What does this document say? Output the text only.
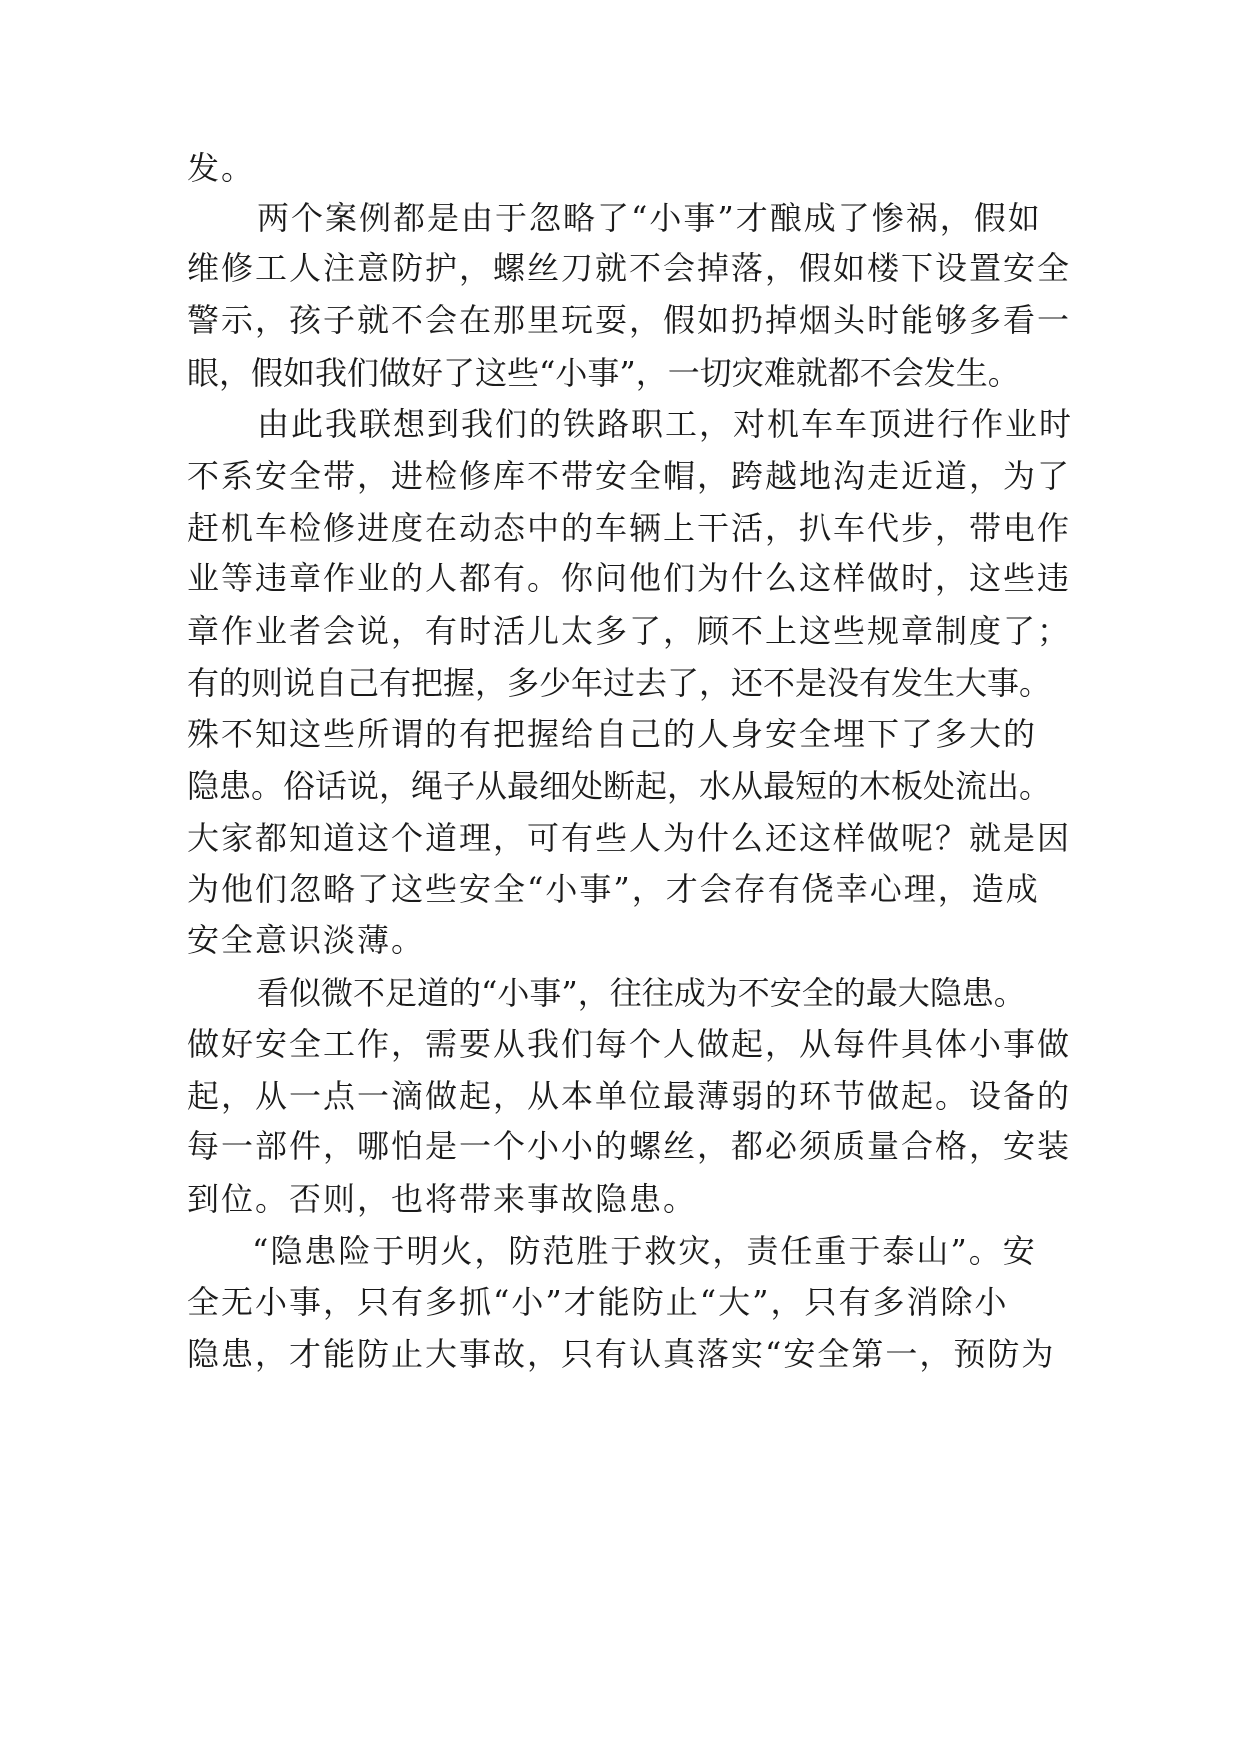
发。
两个案例都是由于忽略了“小事”才酿成了惨祸，假如
维修工人注意防护，螺丝刀就不会掉落，假如楼下设置安全
警示，孩子就不会在那里玩耍，假如扔掉烟头时能够多看一
眼，假如我们做好了这些“小事”，一切灾难就都不会发生。
由此我联想到我们的铁路职工，对机车车顶进行作业时
不系安全带，进检修库不带安全帽，跨越地沟走近道，为了
赶机车检修进度在动态中的车辆上干活，扒车代步，带电作
业等违章作业的人都有。你问他们为什么这样做时，这些违
章作业者会说，有时活儿太多了，顾不上这些规章制度了；
有的则说自己有把握，多少年过去了，还不是没有发生大事。
殊不知这些所谓的有把握给自己的人身安全埋下了多大的
隐患。俗话说，绳子从最细处断起，水从最短的木板处流出。
大家都知道这个道理，可有些人为什么还这样做呢？就是因
为他们忽略了这些安全“小事”，才会存有侥幸心理，造成
安全意识淡薄。
看似微不足道的“小事”，往往成为不安全的最大隐患。
做好安全工作，需要从我们每个人做起，从每件具体小事做
起，从一点一滴做起，从本单位最薄弱的环节做起。设备的
每一部件，哪怕是一个小小的螺丝，都必须质量合格，安装
到位。否则，也将带来事故隐患。
“隐患险于明火，防范胜于救灾，责任重于泰山”。安
全无小事，只有多抓“小”才能防止“大”，只有多消除小
隐患，才能防止大事故，只有认真落实“安全第一，预防为
